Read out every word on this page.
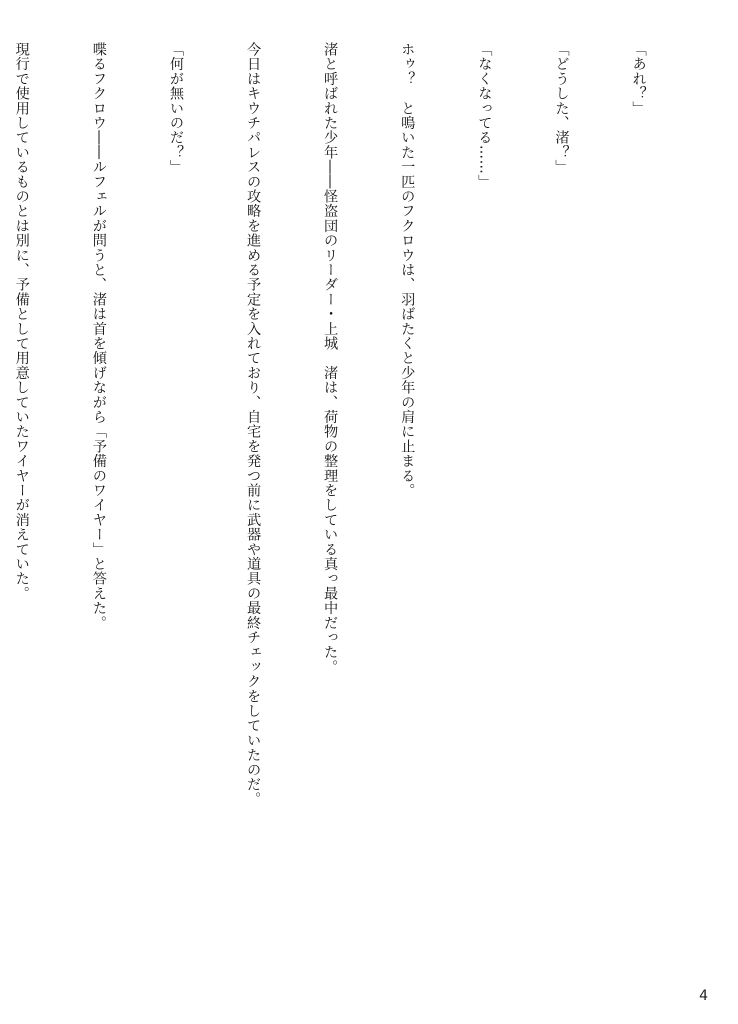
「あれ？」

「どうした、渚？」

「なくなってる……」

ホゥ？　と鳴いた一匹のフクロウは、羽ばたくと少年の肩に止まる。

渚と呼ばれた少年――怪盗団のリーダー・上城　渚は、荷物の整理をしている真っ最中だった。

今日はキウチパレスの攻略を進める予定を入れており、自宅を発つ前に武器や道具の最終チェックをしていたのだ。

「何が無いのだ？」

喋るフクロウ――ルフェルが問うと、渚は首を傾げながら「予備のワイヤー」と答えた。

現行で使用しているものとは別に、予備として用意していたワイヤーが消えていた。

4
